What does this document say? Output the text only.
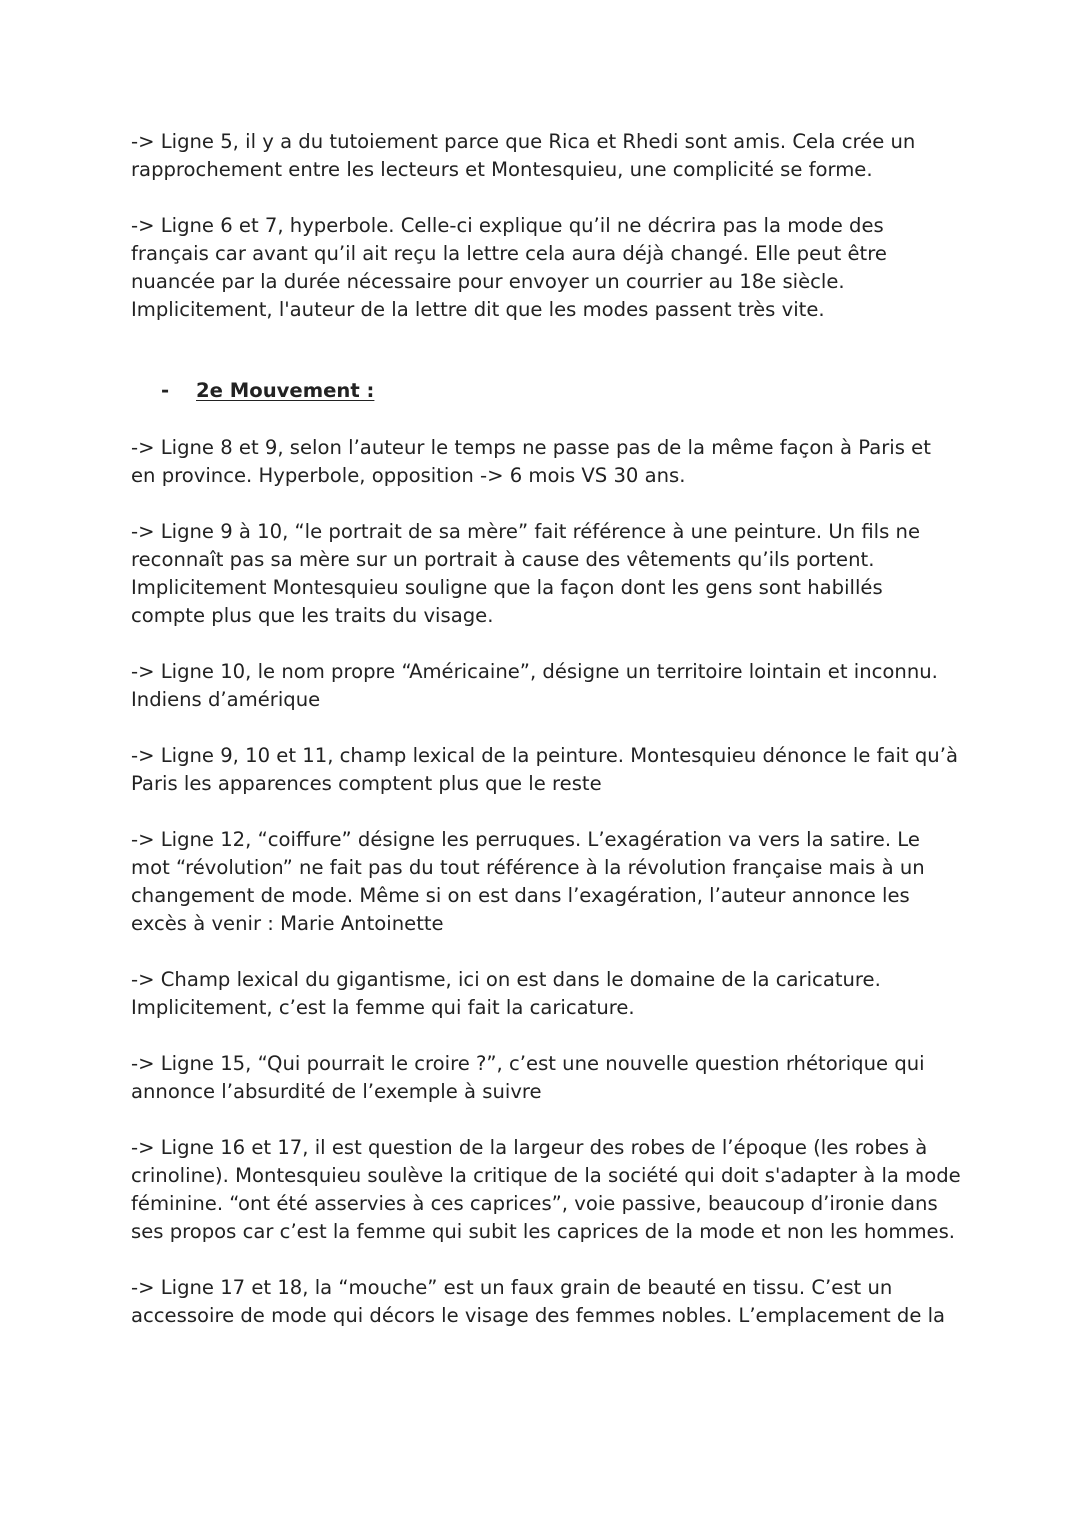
-> Ligne 5, il y a du tutoiement parce que Rica et Rhedi sont amis. Cela crée un rapprochement entre les lecteurs et Montesquieu, une complicité se forme.

-> Ligne 6 et 7, hyperbole. Celle-ci explique qu’il ne décrira pas la mode des français car avant qu’il ait reçu la lettre cela aura déjà changé. Elle peut être nuancée par la durée nécessaire pour envoyer un courrier au 18e siècle. Implicitement, l'auteur de la lettre dit que les modes passent très vite.

- 2e Mouvement :

-> Ligne 8 et 9, selon l’auteur le temps ne passe pas de la même façon à Paris et en province. Hyperbole, opposition -> 6 mois VS 30 ans.

-> Ligne 9 à 10, “le portrait de sa mère” fait référence à une peinture. Un fils ne reconnaît pas sa mère sur un portrait à cause des vêtements qu’ils portent. Implicitement Montesquieu souligne que la façon dont les gens sont habillés compte plus que les traits du visage.

-> Ligne 10, le nom propre “Américaine”, désigne un territoire lointain et inconnu. Indiens d’amérique

-> Ligne 9, 10 et 11, champ lexical de la peinture. Montesquieu dénonce le fait qu’à Paris les apparences comptent plus que le reste

-> Ligne 12, “coiffure” désigne les perruques. L’exagération va vers la satire. Le mot “révolution” ne fait pas du tout référence à la révolution française mais à un changement de mode. Même si on est dans l’exagération, l’auteur annonce les excès à venir : Marie Antoinette

-> Champ lexical du gigantisme, ici on est dans le domaine de la caricature. Implicitement, c’est la femme qui fait la caricature.

-> Ligne 15, “Qui pourrait le croire ?”, c’est une nouvelle question rhétorique qui annonce l’absurdité de l’exemple à suivre

-> Ligne 16 et 17, il est question de la largeur des robes de l’époque (les robes à crinoline). Montesquieu soulève la critique de la société qui doit s'adapter à la mode féminine. “ont été asservies à ces caprices”, voie passive, beaucoup d’ironie dans ses propos car c’est la femme qui subit les caprices de la mode et non les hommes.

-> Ligne 17 et 18, la “mouche” est un faux grain de beauté en tissu. C’est un accessoire de mode qui décors le visage des femmes nobles. L’emplacement de la
